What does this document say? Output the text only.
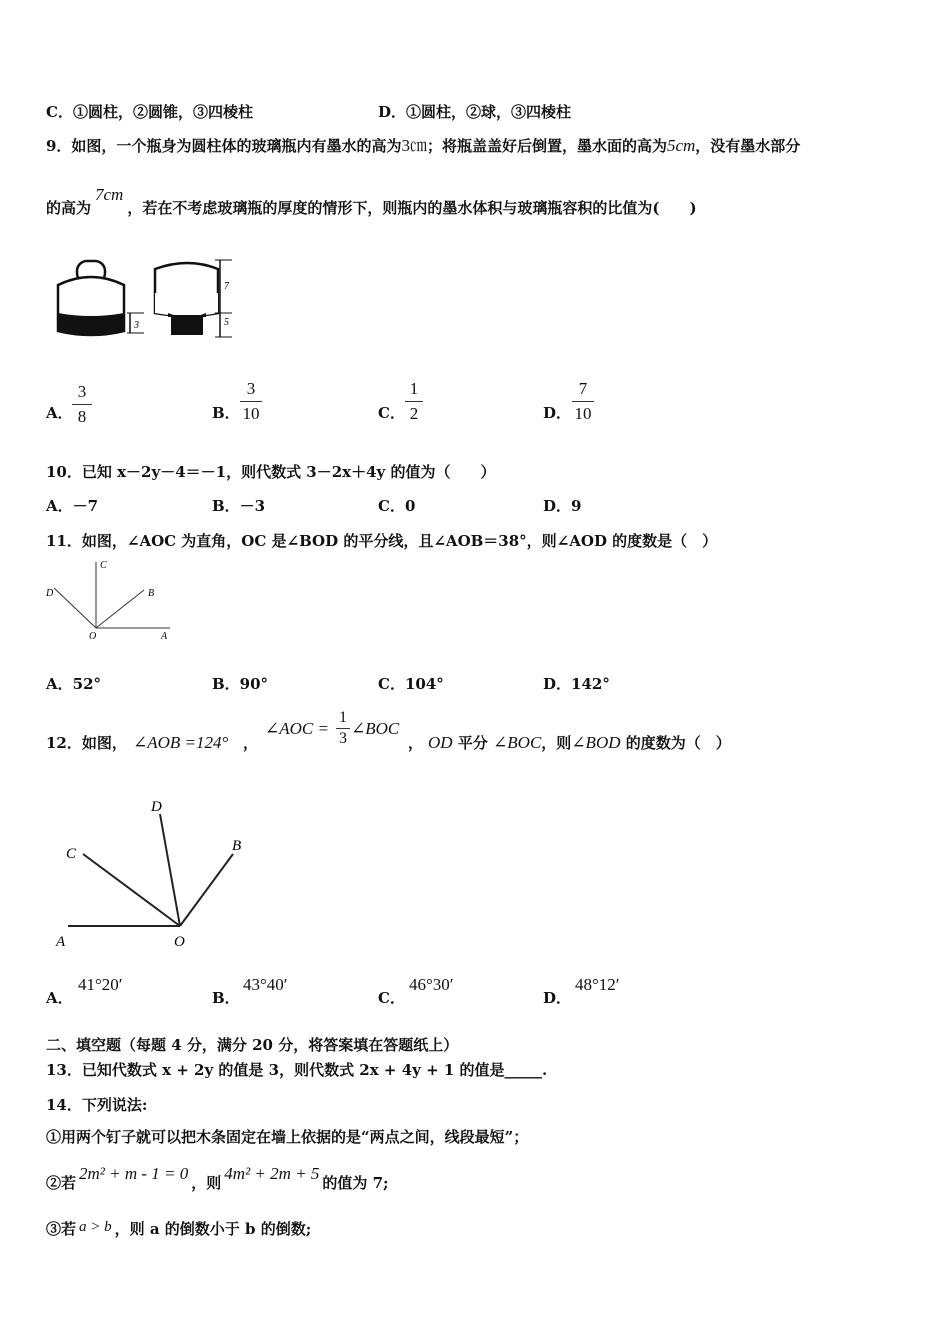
C．①圆柱，②圆锥，③四棱柱	D．①圆柱，②球，③四棱柱
9．如图，一个瓶身为圆柱体的玻璃瓶内有墨水的高为3㎝；将瓶盖盖好后倒置，墨水面的高为5cm，没有墨水部分
的高为7cm，若在不考虑玻璃瓶的厚度的情形下，则瓶内的墨水体积与玻璃瓶容积的比值为(　　)
3
7
5
A．
3
8	B．
3
10	C．
1
2	D．
7
10
10．已知 x－2y－4＝－1，则代数式 3－2x＋4y 的值为（　　）
A．－7	B．－3	C．0	D．9
11．如图，∠AOC 为直角，OC 是∠BOD 的平分线，且∠AOB＝38°，则∠AOD 的度数是（　）
C
D	B
O	A
A．52°	B．90°	C．104°	D．142°
12．如图， ∠AOB =124° ，
∠AOC =
1
3
∠BOC
， OD 平分 ∠BOC，则∠BOD 的度数为（　）
D
C	B
A	O
A．
41°20′
B．
43°40′
C．
46°30′
D．
48°12′
二、填空题（每题 4 分，满分 20 分，将答案填在答题纸上）
13．已知代数式 x + 2y 的值是 3，则代数式 2x + 4y + 1 的值是_____.
14．下列说法:
①用两个钉子就可以把木条固定在墙上依据的是“两点之间，线段最短”；
②若 2m² + m - 1 = 0 ，则 4m² + 2m + 5 的值为 7;
③若 a > b ，则 a 的倒数小于 b 的倒数;
